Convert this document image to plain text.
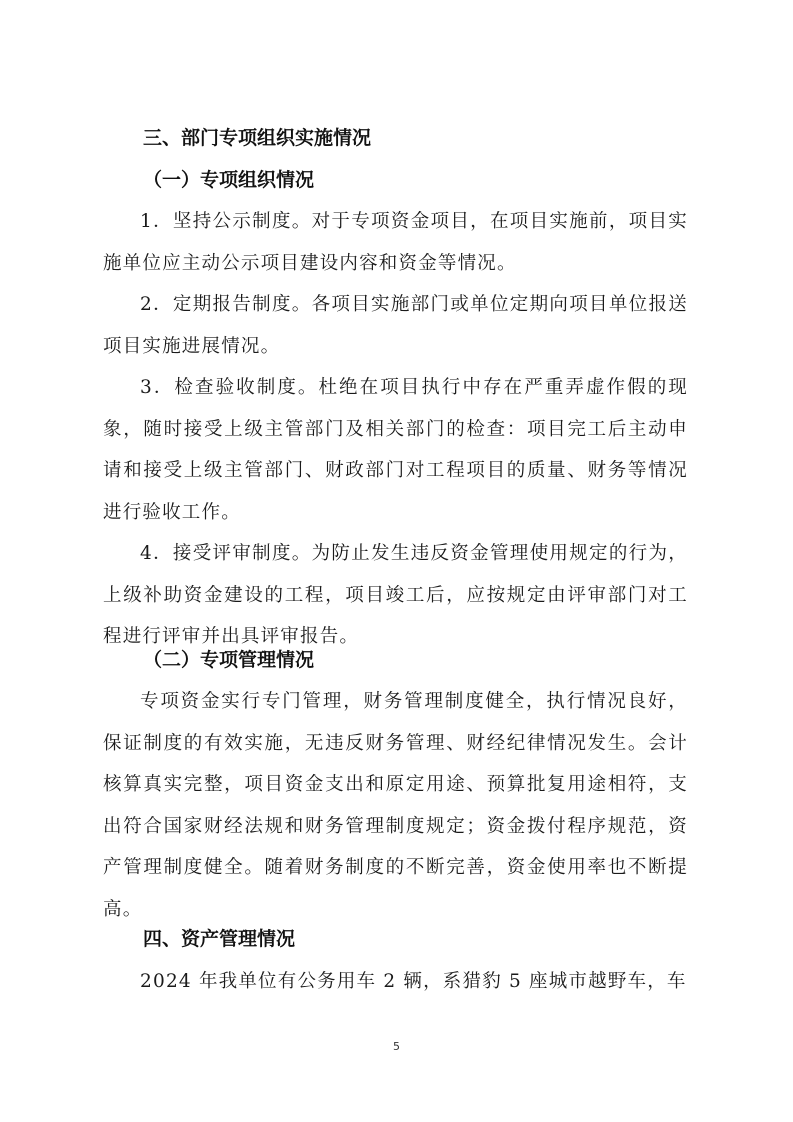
三、部门专项组织实施情况
（一）专项组织情况
1．坚持公示制度。对于专项资金项目，在项目实施前，项目实施单位应主动公示项目建设内容和资金等情况。
2．定期报告制度。各项目实施部门或单位定期向项目单位报送项目实施进展情况。
3．检查验收制度。杜绝在项目执行中存在严重弄虚作假的现象，随时接受上级主管部门及相关部门的检查：项目完工后主动申请和接受上级主管部门、财政部门对工程项目的质量、财务等情况进行验收工作。
4．接受评审制度。为防止发生违反资金管理使用规定的行为，上级补助资金建设的工程，项目竣工后，应按规定由评审部门对工程进行评审并出具评审报告。
（二）专项管理情况
专项资金实行专门管理，财务管理制度健全，执行情况良好，保证制度的有效实施，无违反财务管理、财经纪律情况发生。会计核算真实完整，项目资金支出和原定用途、预算批复用途相符，支出符合国家财经法规和财务管理制度规定；资金拨付程序规范，资产管理制度健全。随着财务制度的不断完善，资金使用率也不断提高。
四、资产管理情况
2024 年我单位有公务用车 2 辆，系猎豹 5 座城市越野车，车
5
